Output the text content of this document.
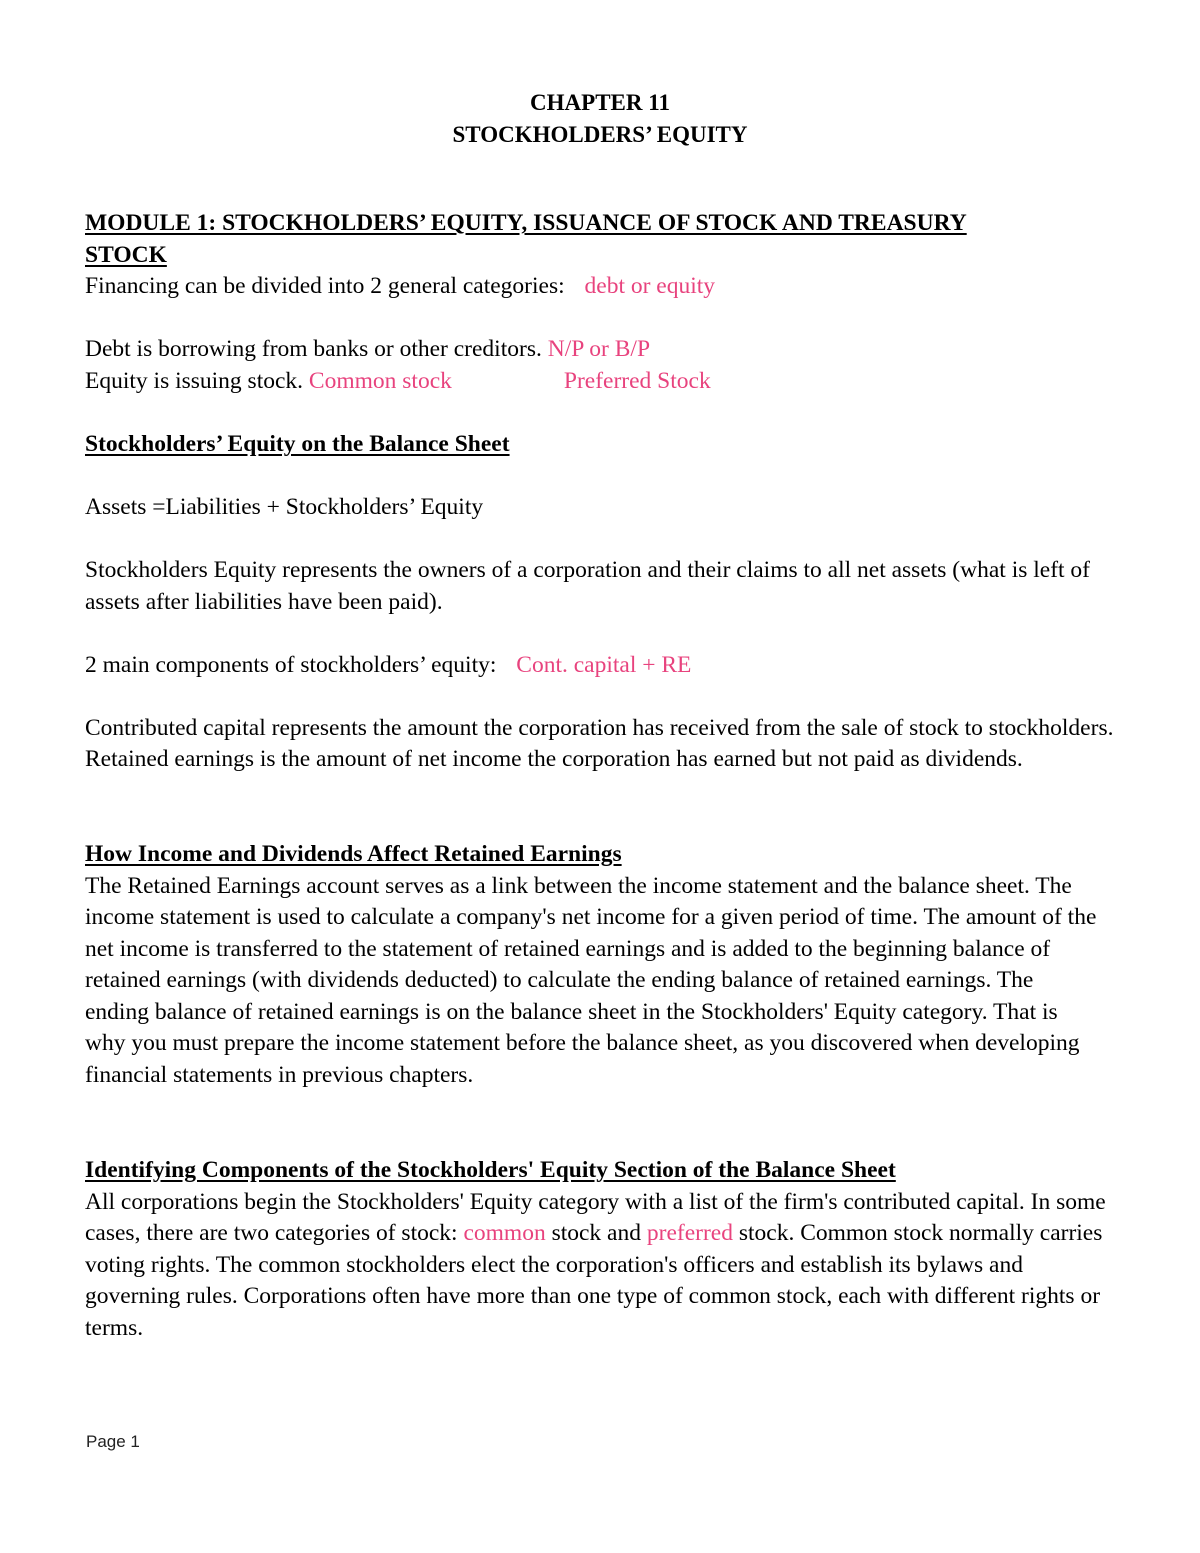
CHAPTER 11
STOCKHOLDERS’ EQUITY

MODULE 1: STOCKHOLDERS’ EQUITY, ISSUANCE OF STOCK AND TREASURY STOCK

Financing can be divided into 2 general categories: debt or equity

Debt is borrowing from banks or other creditors. N/P or B/P

Equity is issuing stock. Common stock	Preferred Stock

Stockholders’ Equity on the Balance Sheet

Assets =Liabilities + Stockholders’ Equity

Stockholders Equity represents the owners of a corporation and their claims to all net assets (what is left of assets after liabilities have been paid).

2 main components of stockholders’ equity: Cont. capital + RE

Contributed capital represents the amount the corporation has received from the sale of stock to stockholders. Retained earnings is the amount of net income the corporation has earned but not paid as dividends.

How Income and Dividends Affect Retained Earnings

The Retained Earnings account serves as a link between the income statement and the balance sheet. The income statement is used to calculate a company's net income for a given period of time. The amount of the net income is transferred to the statement of retained earnings and is added to the beginning balance of retained earnings (with dividends deducted) to calculate the ending balance of retained earnings. The ending balance of retained earnings is on the balance sheet in the Stockholders' Equity category. That is why you must prepare the income statement before the balance sheet, as you discovered when developing financial statements in previous chapters.

Identifying Components of the Stockholders' Equity Section of the Balance Sheet

All corporations begin the Stockholders' Equity category with a list of the firm's contributed capital. In some cases, there are two categories of stock: common stock and preferred stock. Common stock normally carries voting rights. The common stockholders elect the corporation's officers and establish its bylaws and governing rules. Corporations often have more than one type of common stock, each with different rights or terms.

Page 1
